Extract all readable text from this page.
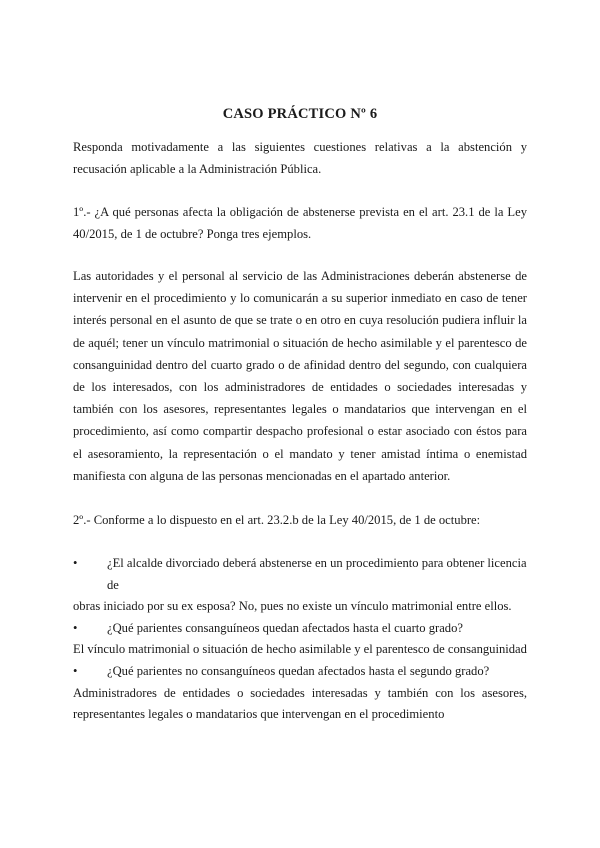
CASO PRÁCTICO Nº 6
Responda motivadamente a las siguientes cuestiones relativas a la abstención y recusación aplicable a la Administración Pública.
1º.- ¿A qué personas afecta la obligación de abstenerse prevista en el art. 23.1 de la Ley 40/2015, de 1 de octubre? Ponga tres ejemplos.
Las autoridades y el personal al servicio de las Administraciones deberán abstenerse de intervenir en el procedimiento y lo comunicarán a su superior inmediato en caso de tener interés personal en el asunto de que se trate o en otro en cuya resolución pudiera influir la de aquél; tener un vínculo matrimonial o situación de hecho asimilable y el parentesco de consanguinidad dentro del cuarto grado o de afinidad dentro del segundo, con cualquiera de los interesados, con los administradores de entidades o sociedades interesadas y también con los asesores, representantes legales o mandatarios que intervengan en el procedimiento, así como compartir despacho profesional o estar asociado con éstos para el asesoramiento, la representación o el mandato y tener amistad íntima o enemistad manifiesta con alguna de las personas mencionadas en el apartado anterior.
2º.- Conforme a lo dispuesto en el art. 23.2.b de la Ley 40/2015, de 1 de octubre:
•	¿El alcalde divorciado deberá abstenerse en un procedimiento para obtener licencia de
obras iniciado por su ex esposa? No, pues no existe un vínculo matrimonial entre ellos.
•	¿Qué parientes consanguíneos quedan afectados hasta el cuarto grado?
El vínculo matrimonial o situación de hecho asimilable y el parentesco de consanguinidad
•	¿Qué parientes no consanguíneos quedan afectados hasta el segundo grado?
Administradores de entidades o sociedades interesadas y también con los asesores, representantes legales o mandatarios que intervengan en el procedimiento
